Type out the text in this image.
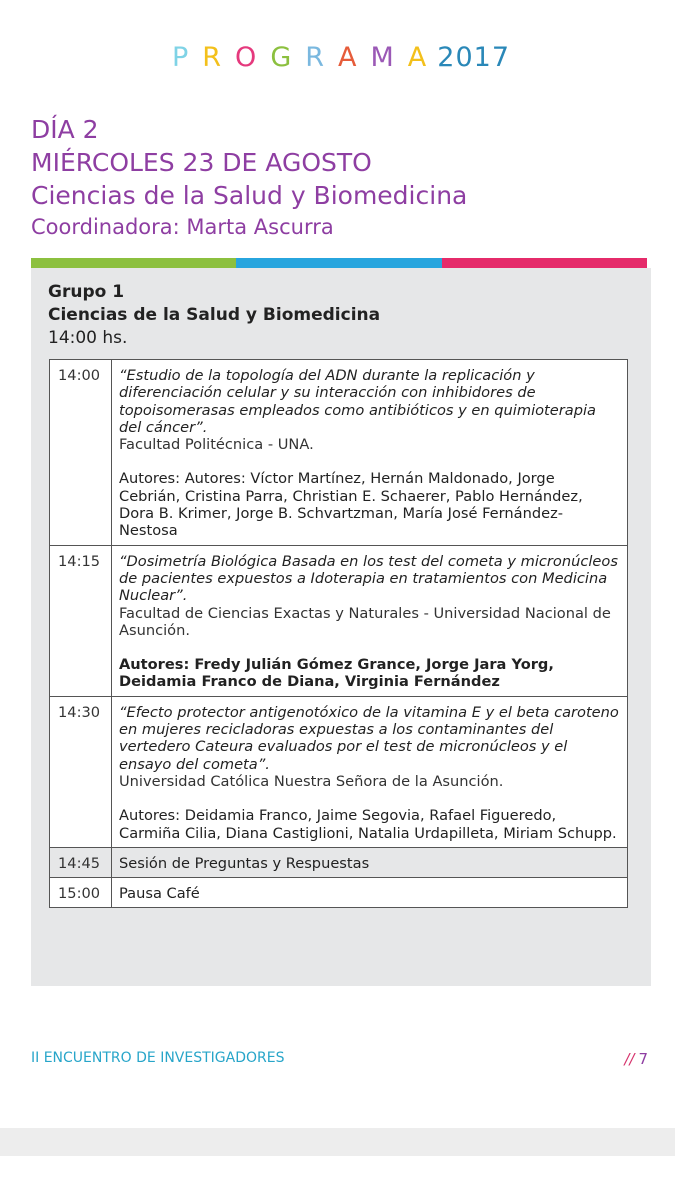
P R O G R A M A 2017
DÍA 2
MIÉRCOLES 23 DE AGOSTO
Ciencias de la Salud y Biomedicina
Coordinadora: Marta Ascurra
Grupo 1
Ciencias de la Salud y Biomedicina
14:00 hs.
14:00	“Estudio de la topología del ADN durante la replicación y diferenciación celular y su interacción con inhibidores de topoisomerasas empleados como antibióticos y en quimioterapia del cáncer”.
Facultad Politécnica - UNA.
Autores: Autores: Víctor Martínez, Hernán Maldonado, Jorge Cebrián, Cristina Parra, Christian E. Schaerer, Pablo Hernández, Dora B. Krimer, Jorge B. Schvartzman, María José Fernández-Nestosa

14:15	“Dosimetría Biológica Basada en los test del cometa y micronúcleos de pacientes expuestos a Idoterapia en tratamientos con Medicina Nuclear”.
Facultad de Ciencias Exactas y Naturales - Universidad Nacional de Asunción.
Autores: Fredy Julián Gómez Grance, Jorge Jara Yorg, Deidamia Franco de Diana, Virginia Fernández

14:30	“Efecto protector antigenotóxico de la vitamina E y el beta caroteno en mujeres recicladoras expuestas a los contaminantes del vertedero Cateura evaluados por el test de micronúcleos y el ensayo del cometa”.
Universidad Católica Nuestra Señora de la Asunción.
Autores: Deidamia Franco, Jaime Segovia, Rafael Figueredo, Carmiña Cilia, Diana Castiglioni, Natalia Urdapilleta, Miriam Schupp.

14:45	Sesión de Preguntas y Respuestas
15:00	Pausa Café
II ENCUENTRO DE INVESTIGADORES	// 7
